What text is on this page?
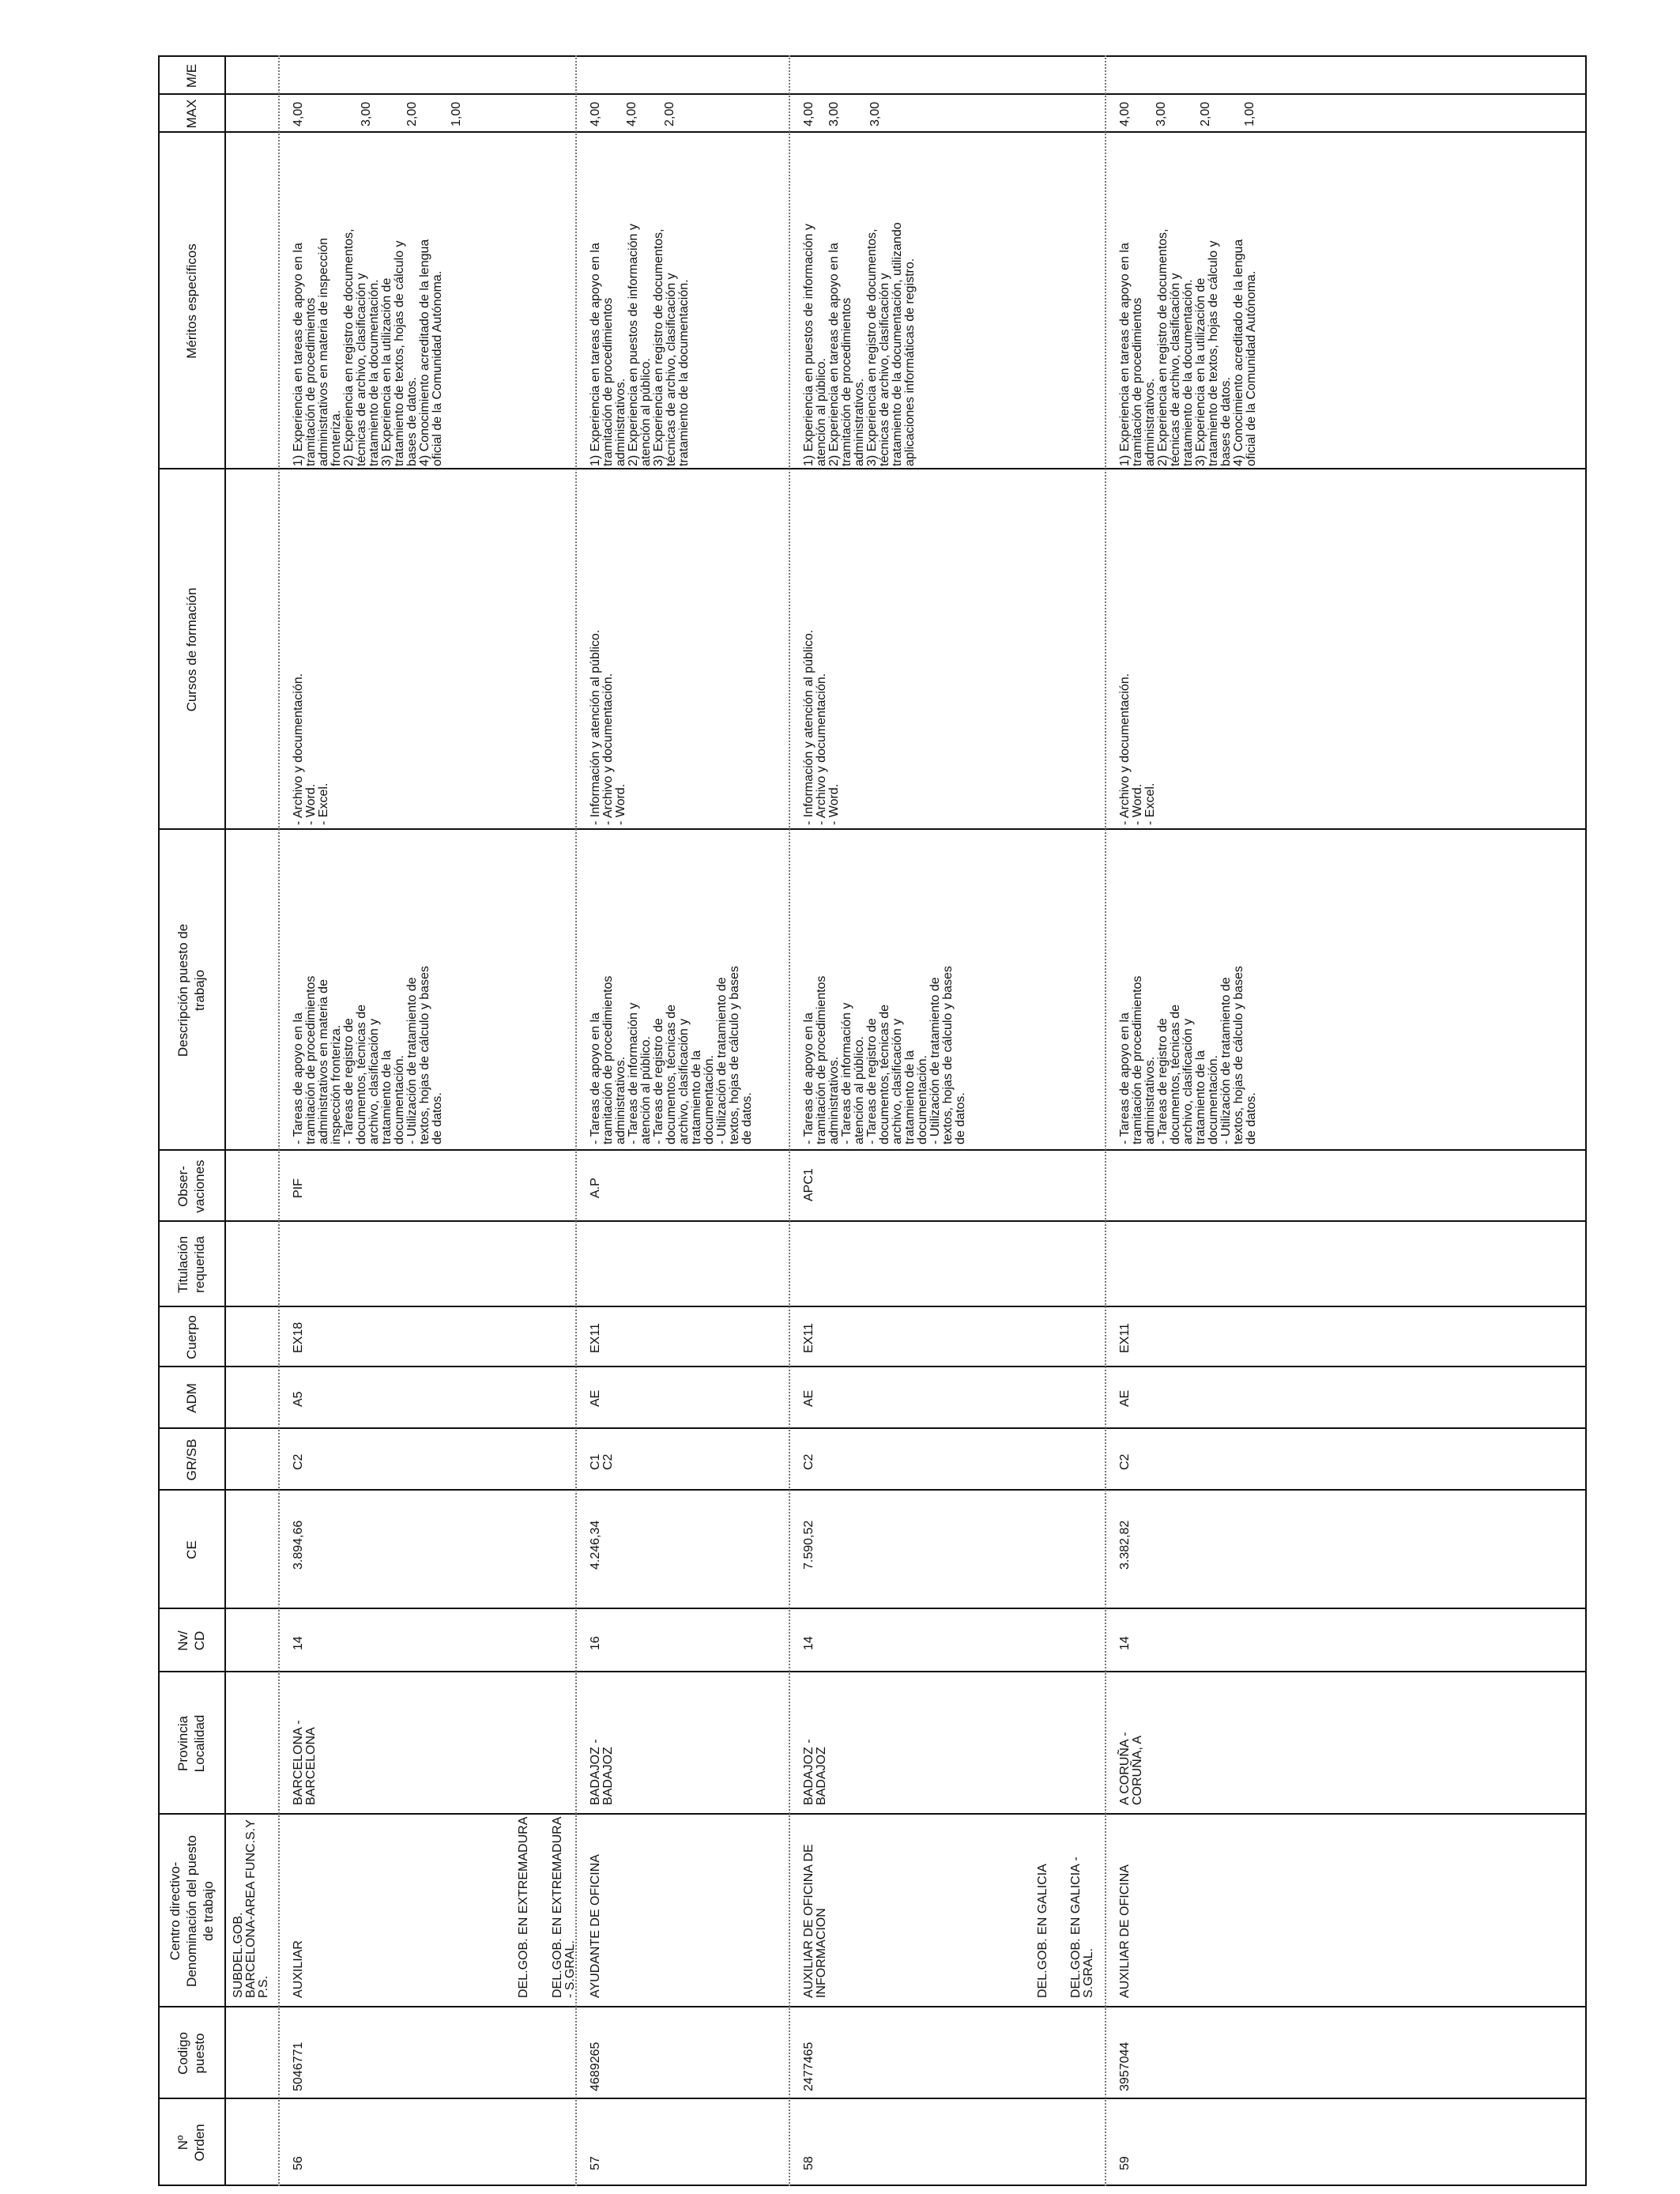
Nº
Orden
Codigo
puesto
Centro directivo-
Denominación del puesto
de trabajo
Provincia
Localidad
Nv/
CD
CE
GR/SB
ADM
Cuerpo
Titulación
requerida
Obser-
vaciones
Descripción puesto de
trabajo
Cursos de formación
Méritos específicos
MAX
M/E
SUBDEL.GOB.
BARCELONA-AREA FUNC.S.Y
P.S.
56
5046771
AUXILIAR
BARCELONA -
BARCELONA
14
3.894,66
C2
A5
EX18
PIF
- Tareas de apoyo en la
tramitación de procedimientos
administrativos en materia de
inspección fronteriza.
- Tareas de registro de
documentos, técnicas de
archivo, clasificación y
tratamiento de la
documentación.
- Utilización de tratamiento de
textos, hojas de cálculo y bases
de datos.
- Archivo y documentación.
- Word.
- Excel.
1) Experiencia en tareas de apoyo en la
tramitación de procedimientos
administrativos en materia de inspección
fronteriza.
2) Experiencia en registro de documentos,
técnicas de archivo, clasificación y
tratamiento de la documentación.
3) Experiencia en la utilización de
tratamiento de textos, hojas de cálculo y
bases de datos.
4) Conocimiento acreditado de la lengua
oficial de la Comunidad Autónoma.
4,00	3,00	2,00 1,00
DEL.GOB. EN EXTREMADURA DEL.GOB. EN EXTREMADURA
- S.GRAL.
57
4689265
AYUDANTE DE OFICINA
BADAJOZ -
BADAJOZ
16
4.246,34
C1
C2
AE
EX11
A.P
- Tareas de apoyo en la
tramitación de procedimientos
administrativos.
- Tareas de información y
atención al público.
- Tareas de registro de
documentos, técnicas de
archivo, clasificación y
tratamiento de la
documentación.
- Utilización de tratamiento de
textos, hojas de cálculo y bases
de datos.
- Información y atención al público.
- Archivo y documentación.
- Word.
1) Experiencia en tareas de apoyo en la
tramitación de procedimientos
administrativos.
2) Experiencia en puestos de información y
atención al público.
3) Experiencia en registro de documentos,
técnicas de archivo, clasificación y
tratamiento de la documentación.
4,00 4,00 2,00
58
2477465
AUXILIAR DE OFICINA DE
INFORMACION
BADAJOZ -
BADAJOZ
14
7.590,52
C2
AE
EX11
APC1
- Tareas de apoyo en la
tramitación de procedimientos
administrativos.
- Tareas de información y
atención al público.
- Tareas de registro de
documentos, técnicas de
archivo, clasificación y
tratamiento de la
documentación.
- Utilización de tratamiento de
textos, hojas de cálculo y bases
de datos.
- Información y atención al público.
- Archivo y documentación.
- Word.
1) Experiencia en puestos de información y
atención al público.
2) Experiencia en tareas de apoyo en la
tramitación de procedimientos
administrativos.
3) Experiencia en registro de documentos,
técnicas de archivo, clasificación y
tratamiento de la documentación, utilizando
aplicaciones informáticas de registro.
4,00 3,00 3,00
DEL.GOB. EN GALICIA DEL.GOB. EN GALICIA -
S.GRAL.
59
3957044
AUXILIAR DE OFICINA
A CORUÑA -
CORUÑA, A
14
3.382,82
C2
AE
EX11
- Tareas de apoyo en la
tramitación de procedimientos
administrativos.
- Tareas de registro de
documentos, técnicas de
archivo, clasificación y
tratamiento de la
documentación.
- Utilización de tratamiento de
textos, hojas de cálculo y bases
de datos.
- Archivo y documentación.
- Word.
- Excel.
1) Experiencia en tareas de apoyo en la
tramitación de procedimientos
administrativos.
2) Experiencia en registro de documentos,
técnicas de archivo, clasificación y
tratamiento de la documentación.
3) Experiencia en la utilización de
tratamiento de textos, hojas de cálculo y
bases de datos.
4) Conocimiento acreditado de la lengua
oficial de la Comunidad Autónoma.
4,00 3,00 2,00 1,00
